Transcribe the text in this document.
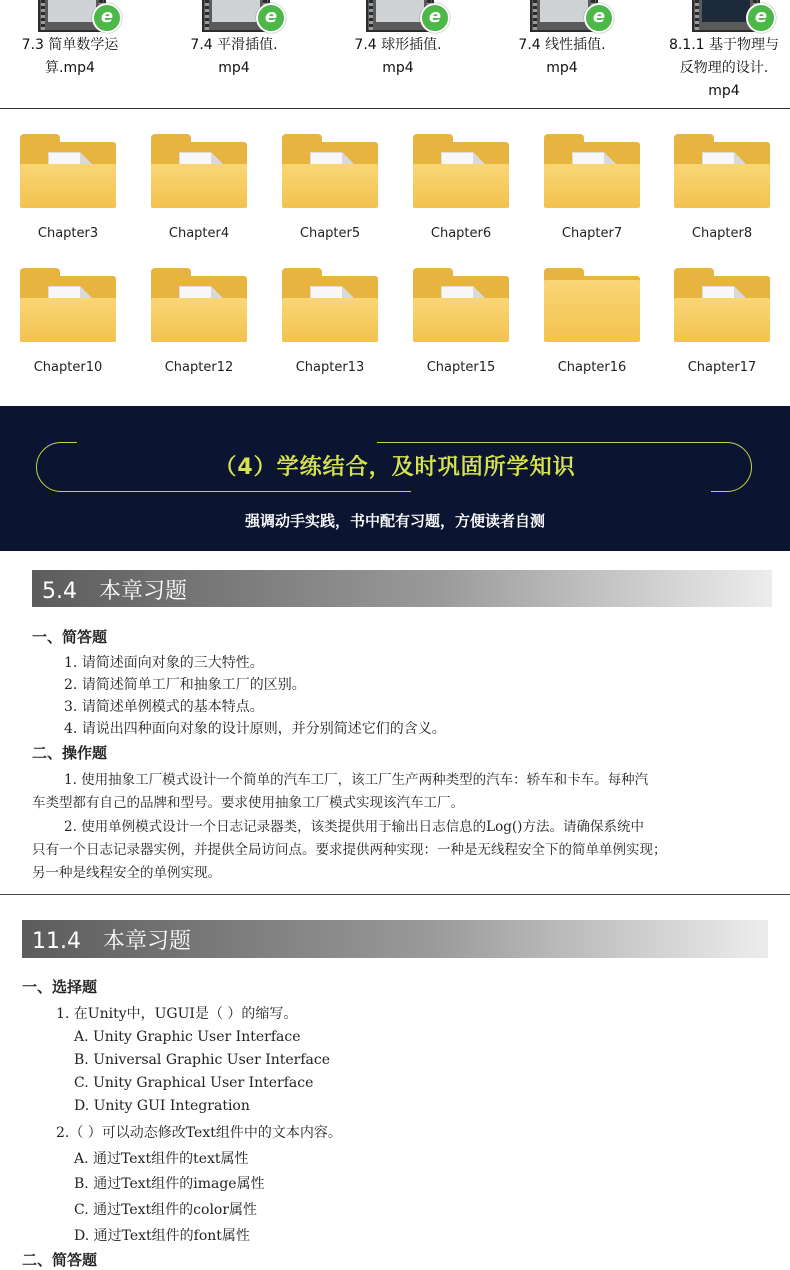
e
7.3 简单数学运
算.mp4
e
7.4 平滑插值.
mp4
e
7.4 球形插值.
mp4
e
7.4 线性插值.
mp4
e
8.1.1 基于物理与
反物理的设计.
mp4
Chapter3	Chapter4	Chapter5	Chapter6	Chapter7	Chapter8
Chapter10	Chapter12	Chapter13	Chapter15	Chapter16	Chapter17
（4）学练结合，及时巩固所学知识
强调动手实践，书中配有习题，方便读者自测
5.4　本章习题
一、简答题
1. 请简述面向对象的三大特性。
2. 请简述简单工厂和抽象工厂的区别。
3. 请简述单例模式的基本特点。
4. 请说出四种面向对象的设计原则，并分别简述它们的含义。
二、操作题
1. 使用抽象工厂模式设计一个简单的汽车工厂，该工厂生产两种类型的汽车：轿车和卡车。每种汽
车类型都有自己的品牌和型号。要求使用抽象工厂模式实现该汽车工厂。
2. 使用单例模式设计一个日志记录器类，该类提供用于输出日志信息的Log()方法。请确保系统中
只有一个日志记录器实例，并提供全局访问点。要求提供两种实现：一种是无线程安全下的简单单例实现；
另一种是线程安全的单例实现。
11.4　本章习题
一、选择题
1. 在Unity中，UGUI是（ ）的缩写。
A. Unity Graphic User Interface
B. Universal Graphic User Interface
C. Unity Graphical User Interface
D. Unity GUI Integration
2.（ ）可以动态修改Text组件中的文本内容。
A. 通过Text组件的text属性
B. 通过Text组件的image属性
C. 通过Text组件的color属性
D. 通过Text组件的font属性
二、简答题
